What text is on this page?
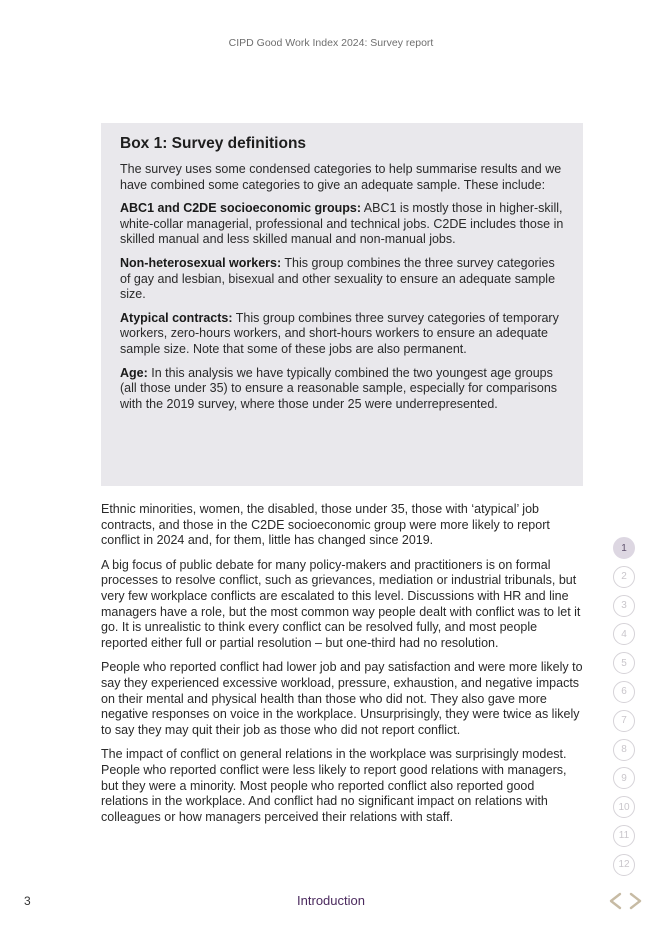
CIPD Good Work Index 2024: Survey report
Box 1: Survey definitions

The survey uses some condensed categories to help summarise results and we have combined some categories to give an adequate sample. These include:

ABC1 and C2DE socioeconomic groups: ABC1 is mostly those in higher-skill, white-collar managerial, professional and technical jobs. C2DE includes those in skilled manual and less skilled manual and non-manual jobs.

Non-heterosexual workers: This group combines the three survey categories of gay and lesbian, bisexual and other sexuality to ensure an adequate sample size.

Atypical contracts: This group combines three survey categories of temporary workers, zero-hours workers, and short-hours workers to ensure an adequate sample size. Note that some of these jobs are also permanent.

Age: In this analysis we have typically combined the two youngest age groups (all those under 35) to ensure a reasonable sample, especially for comparisons with the 2019 survey, where those under 25 were underrepresented.

Ethnic minorities, women, the disabled, those under 35, those with ‘atypical’ job contracts, and those in the C2DE socioeconomic group were more likely to report conflict in 2024 and, for them, little has changed since 2019.

A big focus of public debate for many policy-makers and practitioners is on formal processes to resolve conflict, such as grievances, mediation or industrial tribunals, but very few workplace conflicts are escalated to this level. Discussions with HR and line managers have a role, but the most common way people dealt with conflict was to let it go. It is unrealistic to think every conflict can be resolved fully, and most people reported either full or partial resolution – but one-third had no resolution.

People who reported conflict had lower job and pay satisfaction and were more likely to say they experienced excessive workload, pressure, exhaustion, and negative impacts on their mental and physical health than those who did not. They also gave more negative responses on voice in the workplace. Unsurprisingly, they were twice as likely to say they may quit their job as those who did not report conflict.

The impact of conflict on general relations in the workplace was surprisingly modest. People who reported conflict were less likely to report good relations with managers, but they were a minority. Most people who reported conflict also reported good relations in the workplace. And conflict had no significant impact on relations with colleagues or how managers perceived their relations with staff.

1
2
3
4
5
6
7
8
9
10
11
12
3	Introduction
